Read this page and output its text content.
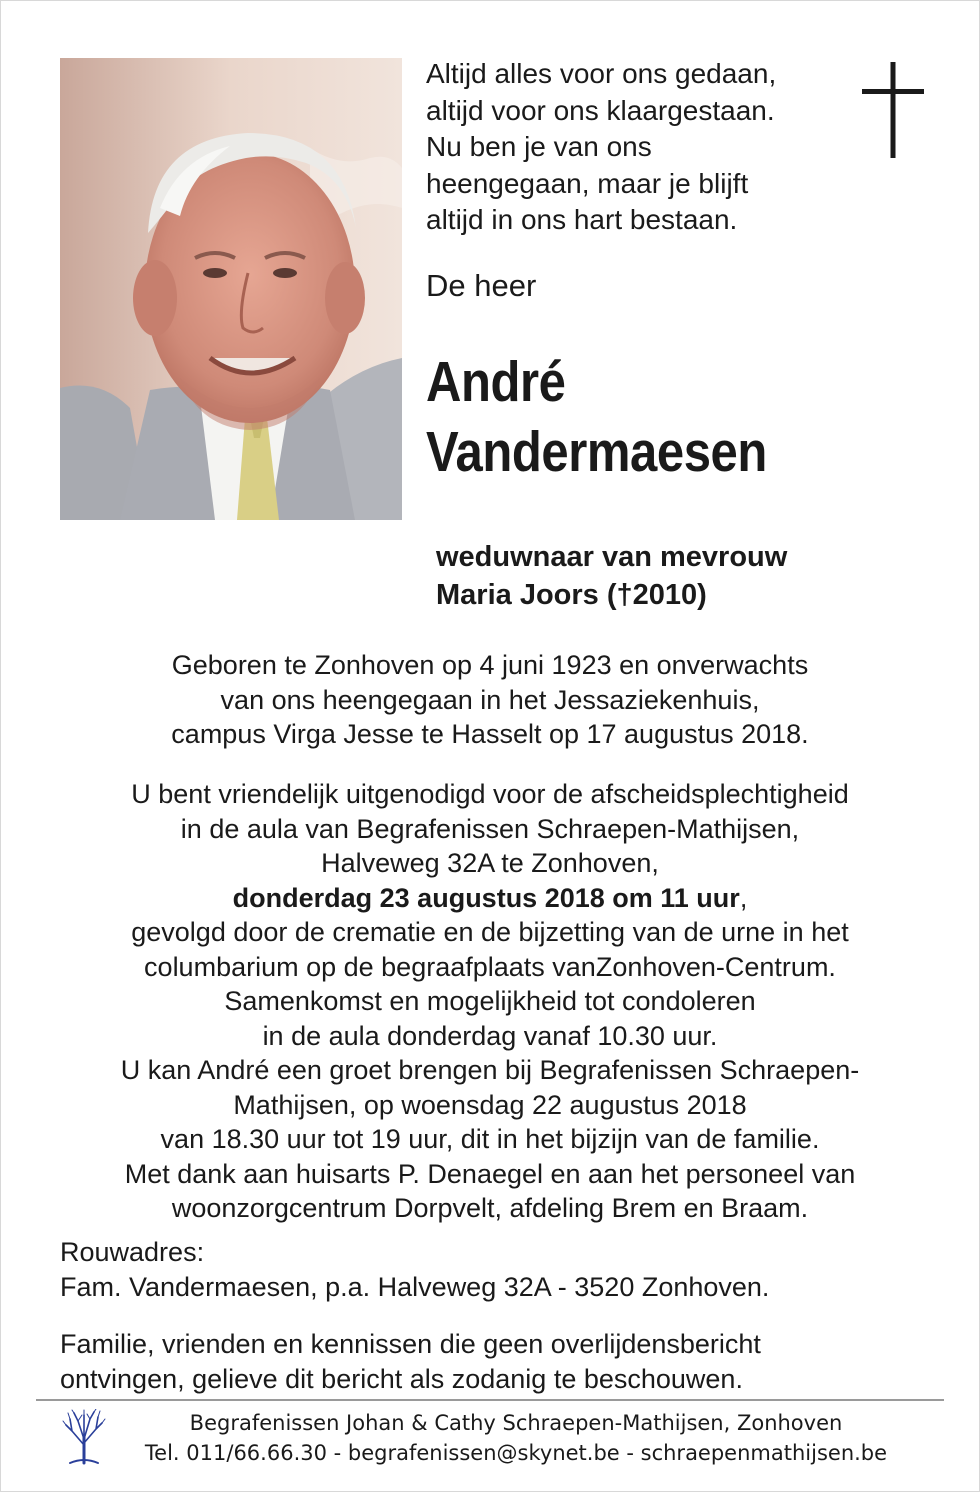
Altijd alles voor ons gedaan,
altijd voor ons klaargestaan.
Nu ben je van ons
heengegaan, maar je blijft
altijd in ons hart bestaan.
De heer
André
Vandermaesen
weduwnaar van mevrouw
Maria Joors (†2010)
Geboren te Zonhoven op 4 juni 1923 en onverwachts
van ons heengegaan in het Jessaziekenhuis,
campus Virga Jesse te Hasselt op 17 augustus 2018.
U bent vriendelijk uitgenodigd voor de afscheidsplechtigheid
in de aula van Begrafenissen Schraepen-Mathijsen,
Halveweg 32A te Zonhoven,
donderdag 23 augustus 2018 om 11 uur,
gevolgd door de crematie en de bijzetting van de urne in het
columbarium op de begraafplaats vanZonhoven-Centrum.
Samenkomst en mogelijkheid tot condoleren
in de aula donderdag vanaf 10.30 uur.
U kan André een groet brengen bij Begrafenissen Schraepen-
Mathijsen, op woensdag 22 augustus 2018
van 18.30 uur tot 19 uur, dit in het bijzijn van de familie.
Met dank aan huisarts P. Denaegel en aan het personeel van
woonzorgcentrum Dorpvelt, afdeling Brem en Braam.
Rouwadres:
Fam. Vandermaesen, p.a. Halveweg 32A - 3520 Zonhoven.
Familie, vrienden en kennissen die geen overlijdensbericht
ontvingen, gelieve dit bericht als zodanig te beschouwen.
Begrafenissen Johan & Cathy Schraepen-Mathijsen, Zonhoven
Tel. 011/66.66.30 - begrafenissen@skynet.be - schraepenmathijsen.be
